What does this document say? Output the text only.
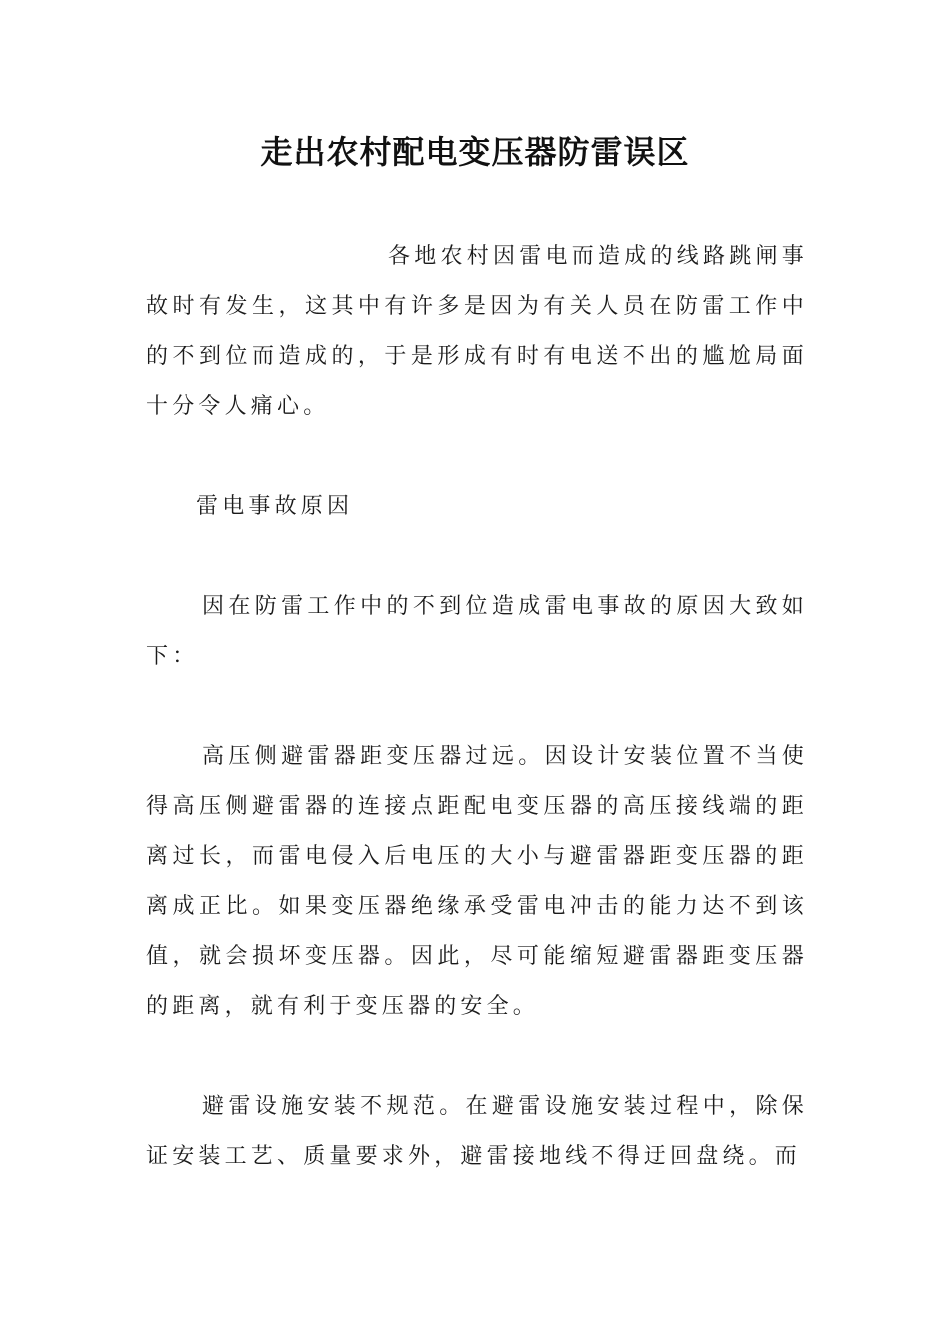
走出农村配电变压器防雷误区
各地农村因雷电而造成的线路跳闸事故时有发生，这其中有许多是因为有关人员在防雷工作中的不到位而造成的，于是形成有时有电送不出的尴尬局面十分令人痛心。
雷电事故原因
因在防雷工作中的不到位造成雷电事故的原因大致如下：
高压侧避雷器距变压器过远。因设计安装位置不当使得高压侧避雷器的连接点距配电变压器的高压接线端的距离过长，而雷电侵入后电压的大小与避雷器距变压器的距离成正比。如果变压器绝缘承受雷电冲击的能力达不到该值，就会损坏变压器。因此，尽可能缩短避雷器距变压器的距离，就有利于变压器的安全。
避雷设施安装不规范。在避雷设施安装过程中，除保证安装工艺、质量要求外，避雷接地线不得迂回盘绕。而
